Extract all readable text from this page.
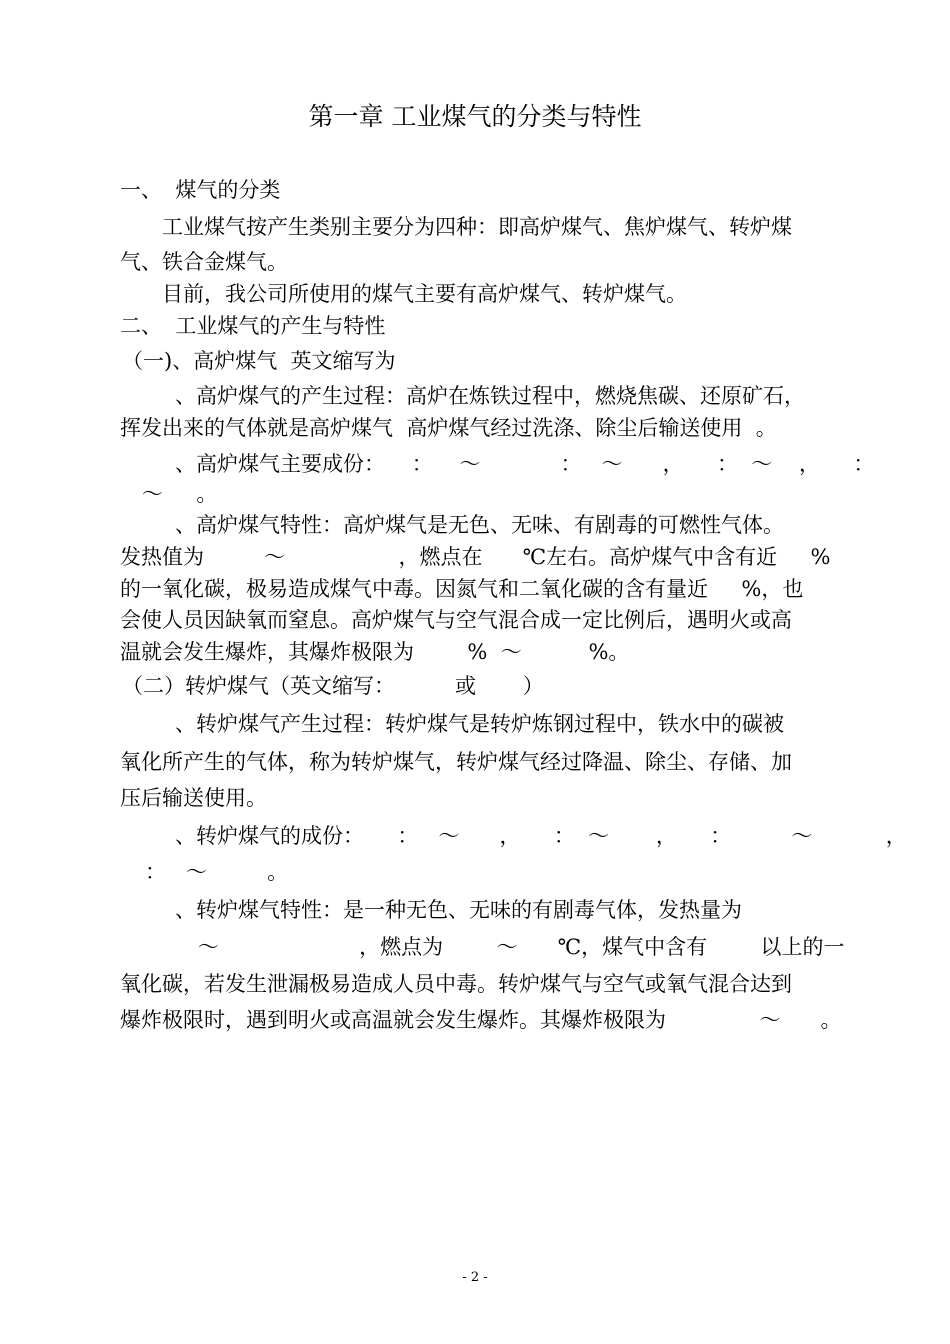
第一章 工业煤气的分类与特性
一、  煤气的分类
工业煤气按产生类别主要分为四种：即高炉煤气、焦炉煤气、转炉煤
气、铁合金煤气。
目前，我公司所使用的煤气主要有高炉煤气、转炉煤气。
二、  工业煤气的产生与特性
（一)、高炉煤气  英文缩写为
、高炉煤气的产生过程：高炉在炼铁过程中，燃烧焦碳、还原矿石，
挥发出来的气体就是高炉煤气  高炉煤气经过洗涤、除尘后输送使用  。
、高炉煤气主要成份：    ：    ～            ：   ～      ，     ：  ～    ，     ：
～     。
、高炉煤气特性：高炉煤气是无色、无味、有剧毒的可燃性气体。
发热值为         ～                 ，燃点在      ℃左右。高炉煤气中含有近     %
的一氧化碳，极易造成煤气中毒。因氮气和二氧化碳的含有量近     %，也
会使人员因缺氧而窒息。高炉煤气与空气混合成一定比例后，遇明火或高
温就会发生爆炸，其爆炸极限为        %  ～          %。
（二）转炉煤气（英文缩写：         或       ）
、转炉煤气产生过程：转炉煤气是转炉炼钢过程中，铁水中的碳被
氧化所产生的气体，称为转炉煤气，转炉煤气经过降温、除尘、存储、加
压后输送使用。
、转炉煤气的成份：     ：   ～      ，     ：  ～       ，     ：         ～           ，
：   ～         。
、转炉煤气特性：是一种无色、无味的有剧毒气体，发热量为
～                     ，燃点为        ～      ℃，煤气中含有        以上的一
氧化碳，若发生泄漏极易造成人员中毒。转炉煤气与空气或氧气混合达到
爆炸极限时，遇到明火或高温就会发生爆炸。其爆炸极限为              ～      。
- 2 -
